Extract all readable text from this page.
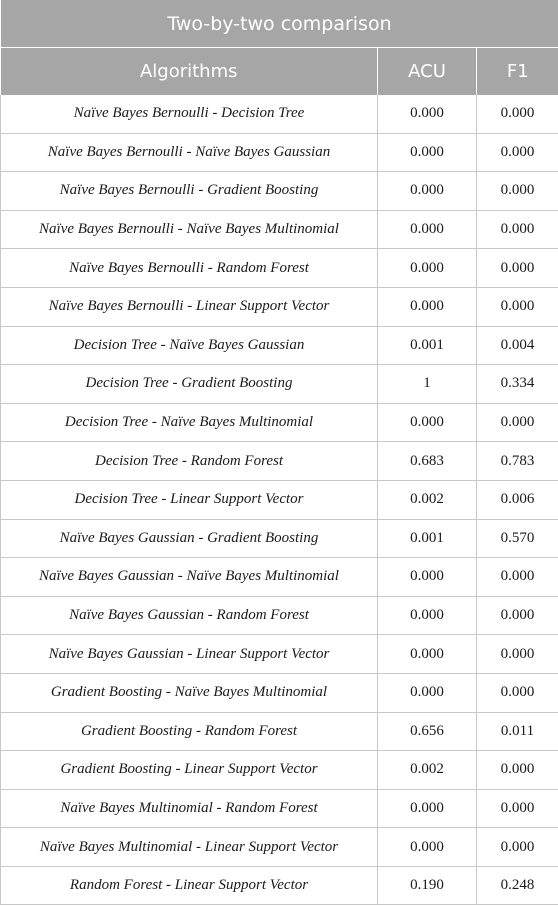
Two-by-two comparison		
Algorithms	ACU	F1
Naïve Bayes Bernoulli - Decision Tree	0.000	0.000
Naïve Bayes Bernoulli - Naïve Bayes Gaussian	0.000	0.000
Naïve Bayes Bernoulli - Gradient Boosting	0.000	0.000
Naïve Bayes Bernoulli - Naïve Bayes Multinomial	0.000	0.000
Naïve Bayes Bernoulli - Random Forest	0.000	0.000
Naïve Bayes Bernoulli - Linear Support Vector	0.000	0.000
Decision Tree - Naïve Bayes Gaussian	0.001	0.004
Decision Tree - Gradient Boosting	1	0.334
Decision Tree - Naïve Bayes Multinomial	0.000	0.000
Decision Tree - Random Forest	0.683	0.783
Decision Tree - Linear Support Vector	0.002	0.006
Naïve Bayes Gaussian - Gradient Boosting	0.001	0.570
Naïve Bayes Gaussian - Naïve Bayes Multinomial	0.000	0.000
Naïve Bayes Gaussian - Random Forest	0.000	0.000
Naïve Bayes Gaussian - Linear Support Vector	0.000	0.000
Gradient Boosting - Naïve Bayes Multinomial	0.000	0.000
Gradient Boosting - Random Forest	0.656	0.011
Gradient Boosting - Linear Support Vector	0.002	0.000
Naïve Bayes Multinomial - Random Forest	0.000	0.000
Naïve Bayes Multinomial - Linear Support Vector	0.000	0.000
Random Forest - Linear Support Vector	0.190	0.248
